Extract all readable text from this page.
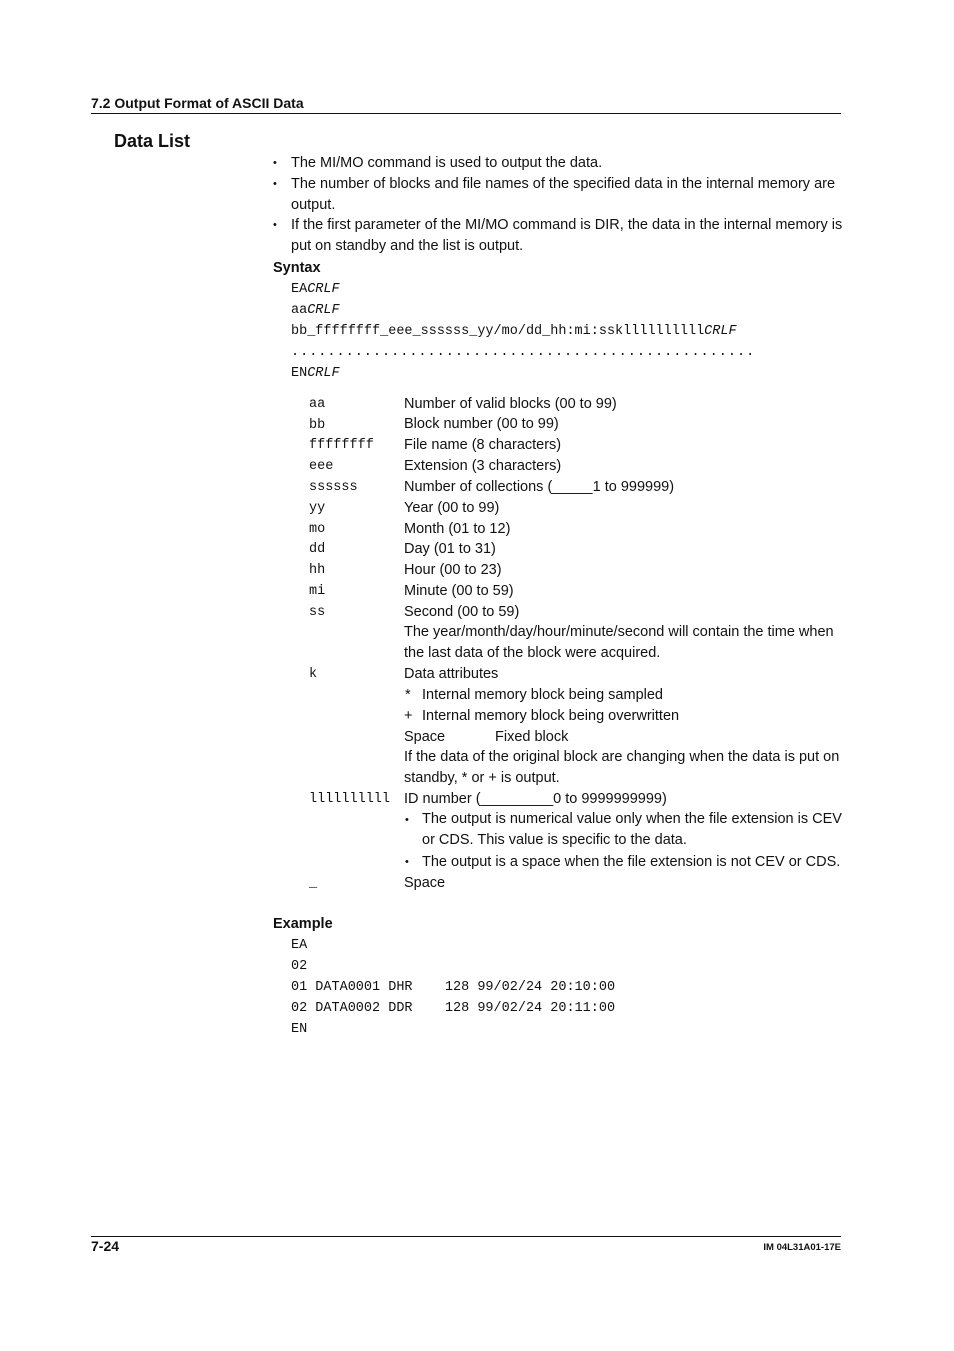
7.2 Output Format of ASCII Data
Data List
• The MI/MO command is used to output the data.
• The number of blocks and file names of the specified data in the internal memory are output.
• If the first parameter of the MI/MO command is DIR, the data in the internal memory is put on standby and the list is output.
Syntax
EACRLF
aaCRLF
bb_ffffffff_eee_ssssss_yy/mo/dd_hh:mi:sskllllllllllCRLF
...................................................
ENCRLF
aa	Number of valid blocks (00 to 99)
bb	Block number (00 to 99)
ffffffff File name (8 characters)
eee	Extension (3 characters)
ssssss	Number of collections (_____1 to 999999)
yy	Year (00 to 99)
mo	Month (01 to 12)
dd	Day (01 to 31)
hh	Hour (00 to 23)
mi	Minute (00 to 59)
ss	Second (00 to 59)
The year/month/day/hour/minute/second will contain the time when the last data of the block were acquired.
k	Data attributes
* Internal memory block being sampled
+ Internal memory block being overwritten
Space	Fixed block
If the data of the original block are changing when the data is put on standby, * or + is output.
llllllllll ID number (_________0 to 9999999999)
• The output is numerical value only when the file extension is CEV or CDS. This value is specific to the data.
• The output is a space when the file extension is not CEV or CDS.
_	Space
Example
EA
02
01 DATA0001 DHR    128 99/02/24 20:10:00
02 DATA0002 DDR    128 99/02/24 20:11:00
EN
7-24	IM 04L31A01-17E
